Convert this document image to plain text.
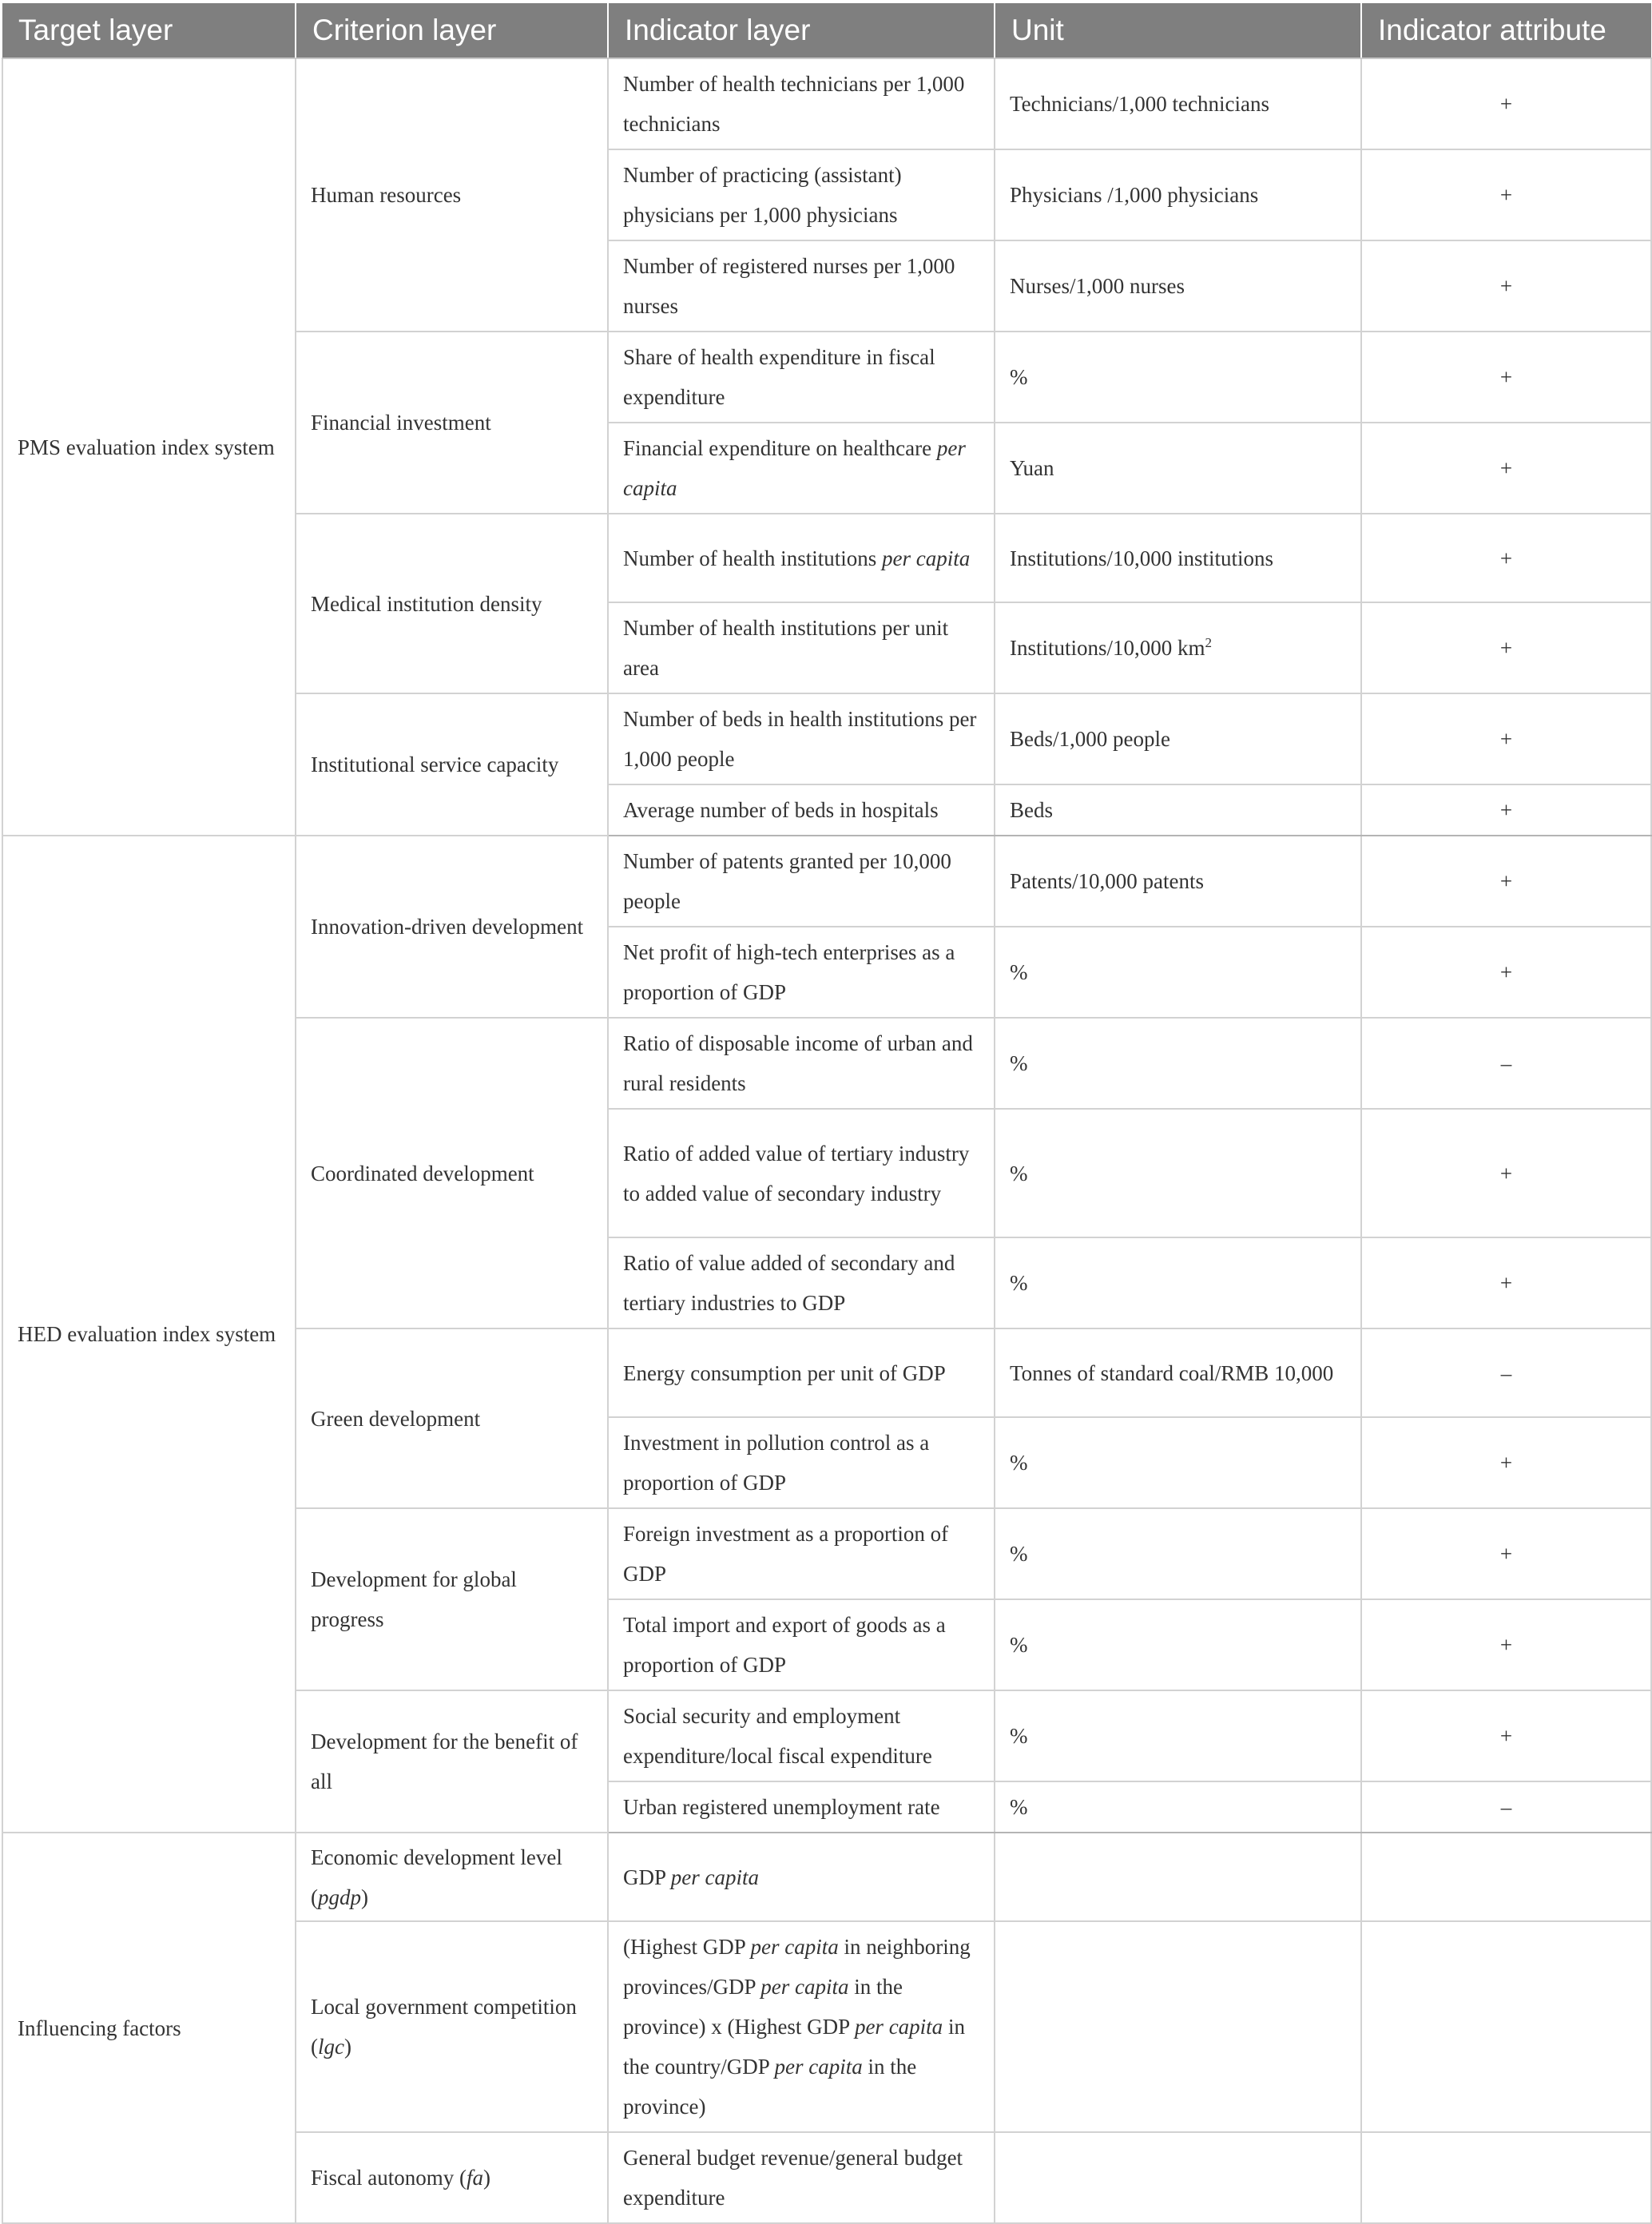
Target layer	Criterion layer	Indicator layer	Unit	Indicator attribute
PMS evaluation index system	Human resources	Number of health technicians per 1,000 technicians	Technicians/1,000 technicians	+
		Number of practicing (assistant) physicians per 1,000 physicians	Physicians /1,000 physicians	+
		Number of registered nurses per 1,000 nurses	Nurses/1,000 nurses	+
	Financial investment	Share of health expenditure in fiscal expenditure	%	+
		Financial expenditure on healthcare per capita	Yuan	+
	Medical institution density	Number of health institutions per capita	Institutions/10,000 institutions	+
		Number of health institutions per unit area	Institutions/10,000 $km^2$	+
	Institutional service capacity	Number of beds in health institutions per 1,000 people	Beds/1,000 people	+
		Average number of beds in hospitals	Beds	+
HED evaluation index system	Innovation-driven development	Number of patents granted per 10,000 people	Patents/10,000 patents	+
		Net profit of high-tech enterprises as a proportion of GDP	%	+
	Coordinated development	Ratio of disposable income of urban and rural residents	%	–
		Ratio of added value of tertiary industry to added value of secondary industry	%	+
		Ratio of value added of secondary and tertiary industries to GDP	%	+
	Green development	Energy consumption per unit of GDP	Tonnes of standard coal/RMB 10,000	–
		Investment in pollution control as a proportion of GDP	%	+
	Development for global progress	Foreign investment as a proportion of GDP	%	+
		Total import and export of goods as a proportion of GDP	%	+
	Development for the benefit of all	Social security and employment expenditure/local fiscal expenditure	%	+
		Urban registered unemployment rate	%	–
Influencing factors	Economic development level (pgdp)	GDP per capita		
	Local government competition (lgc)	(Highest GDP per capita in neighboring provinces/GDP per capita in the province) x (Highest GDP per capita in the country/GDP per capita in the province)		
	Fiscal autonomy (fa)	General budget revenue/general budget expenditure		
